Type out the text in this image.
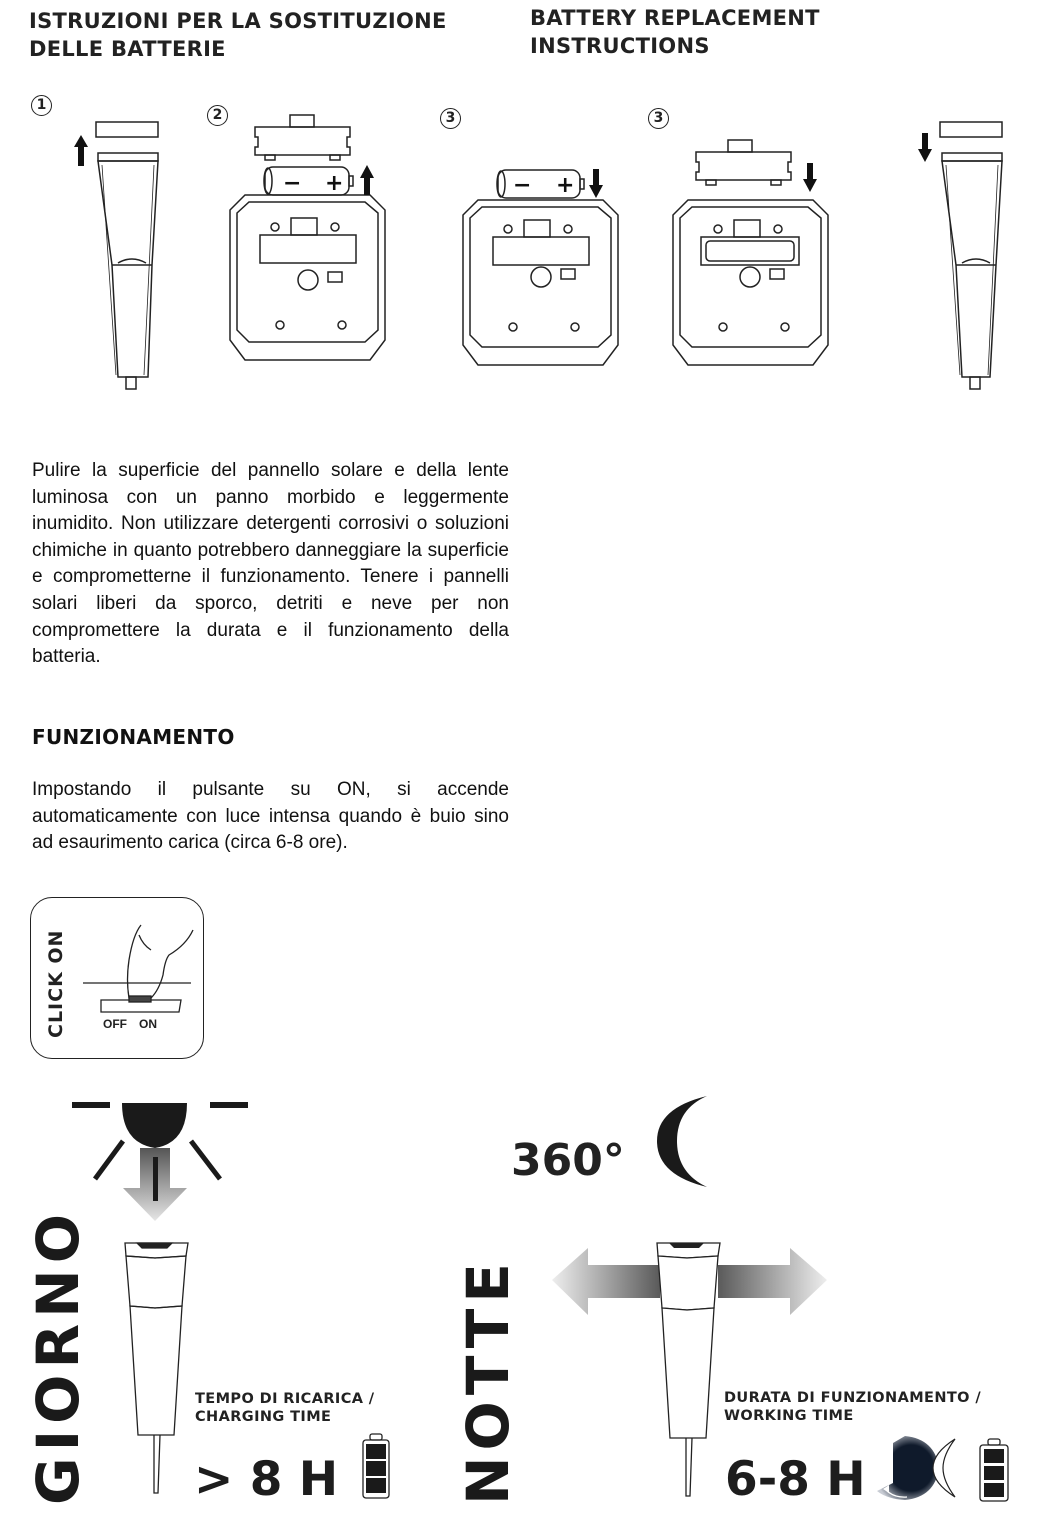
ISTRUZIONI PER LA SOSTITUZIONE

DELLE BATTERIE

BATTERY REPLACEMENT

INSTRUCTIONS

1
2	3	3
− +	− +

Pulire la superficie del pannello solare e della lente luminosa con un panno morbido e leggermente inumidito. Non utilizzare detergenti corrosivi o soluzioni chimiche in quanto potrebbero danneggiare la superficie e comprometterne il funzionamento. Tenere i pannelli solari liberi da sporco, detriti e neve per non compromettere la durata e il funzionamento della batteria.

FUNZIONAMENTO

Impostando il pulsante su ON, si accende automaticamente con luce intensa quando è buio sino ad esaurimento carica (circa 6-8 ore).

CLICK ON	OFF ON
360°
GIORNO	TEMPO DI RICARICA /
CHARGING TIME
> 8 H NOTTE	DURATA DI FUNZIONAMENTO /
WORKING TIME
6-8 H
